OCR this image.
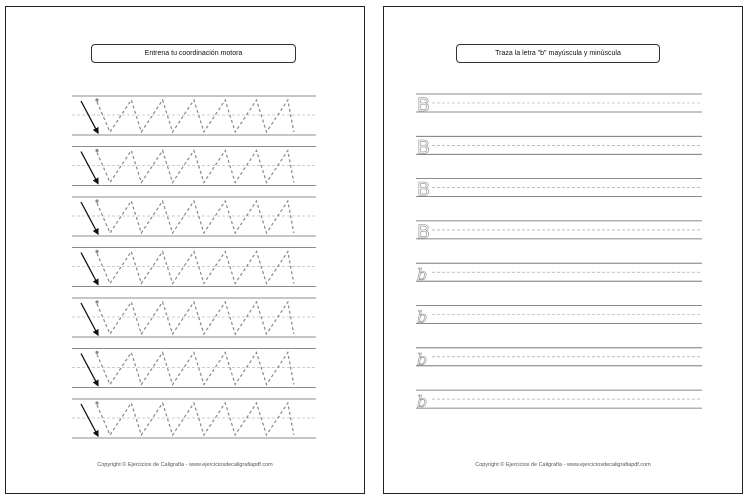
Entrena tu coordinación motora
Copyright © Ejercicios de Caligrafía - www.ejerciciosdecaligrafiapdf.com
Traza la letra "b" mayúscula y minúscula
B
B
B
B
b
b
b
b
Copyright © Ejercicios de Caligrafía - www.ejerciciosdecaligrafiapdf.com
